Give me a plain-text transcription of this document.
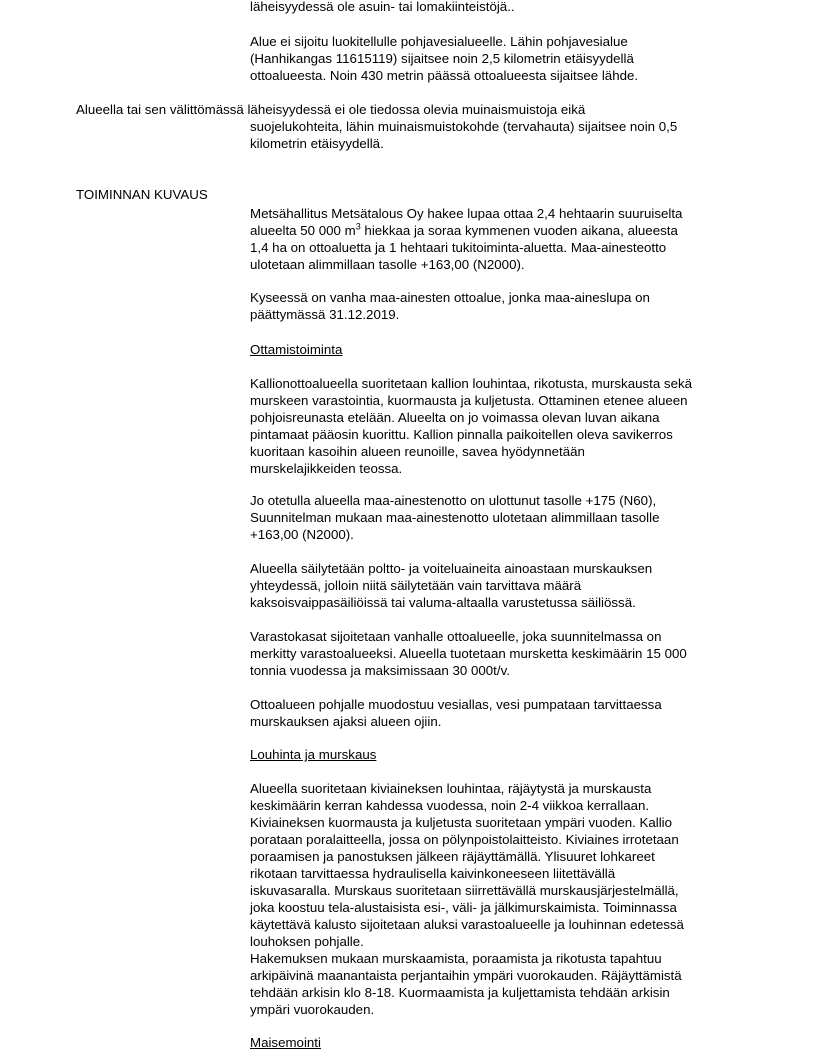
läheisyydessä ole asuin- tai lomakiinteistöjä..

Alue ei sijoitu luokitellulle pohjavesialueelle. Lähin pohjavesialue
(Hanhikangas 11615119) sijaitsee noin 2,5 kilometrin etäisyydellä
ottoalueesta. Noin 430 metrin päässä ottoalueesta sijaitsee lähde.

Alueella tai sen välittömässä läheisyydessä ei ole tiedossa olevia muinaismuistoja eikä
suojelukohteita, lähin muinaismuistokohde (tervahauta) sijaitsee noin 0,5
kilometrin etäisyydellä.

TOIMINNAN KUVAUS

Metsähallitus Metsätalous Oy hakee lupaa ottaa 2,4 hehtaarin suuruiselta
alueelta 50 000 $m^3$ hiekkaa ja soraa kymmenen vuoden aikana, alueesta
1,4 ha on ottoaluetta ja 1 hehtaari tukitoiminta-aluetta. Maa-ainesteotto
ulotetaan alimmillaan tasolle +163,00 (N2000).

Kyseessä on vanha maa-ainesten ottoalue, jonka maa-aineslupa on
päättymässä 31.12.2019.

Ottamistoiminta

Kallionottoalueella suoritetaan kallion louhintaa, rikotusta, murskausta sekä
murskeen varastointia, kuormausta ja kuljetusta. Ottaminen etenee alueen
pohjoisreunasta etelään. Alueelta on jo voimassa olevan luvan aikana
pintamaat pääosin kuorittu. Kallion pinnalla paikoitellen oleva savikerros
kuoritaan kasoihin alueen reunoille, savea hyödynnetään
murskelajikkeiden teossa.

Jo otetulla alueella maa-ainestenotto on ulottunut tasolle +175 (N60),
Suunnitelman mukaan maa-ainestenotto ulotetaan alimmillaan tasolle
+163,00 (N2000).

Alueella säilytetään poltto- ja voiteluaineita ainoastaan murskauksen
yhteydessä, jolloin niitä säilytetään vain tarvittava määrä
kaksoisvaippasäiliöissä tai valuma-altaalla varustetussa säiliössä.

Varastokasat sijoitetaan vanhalle ottoalueelle, joka suunnitelmassa on
merkitty varastoalueeksi. Alueella tuotetaan mursketta keskimäärin 15 000
tonnia vuodessa ja maksimissaan 30 000t/v.

Ottoalueen pohjalle muodostuu vesiallas, vesi pumpataan tarvittaessa
murskauksen ajaksi alueen ojiin.

Louhinta ja murskaus

Alueella suoritetaan kiviaineksen louhintaa, räjäytystä ja murskausta
keskimäärin kerran kahdessa vuodessa, noin 2-4 viikkoa kerrallaan.
Kiviaineksen kuormausta ja kuljetusta suoritetaan ympäri vuoden. Kallio
porataan poralaitteella, jossa on pölynpoistolaitteisto. Kiviaines irrotetaan
poraamisen ja panostuksen jälkeen räjäyttämällä. Ylisuuret lohkareet
rikotaan tarvittaessa hydraulisella kaivinkoneeseen liitettävällä
iskuvasaralla. Murskaus suoritetaan siirrettävällä murskausjärjestelmällä,
joka koostuu tela-alustaisista esi-, väli- ja jälkimurskaimista. Toiminnassa
käytettävä kalusto sijoitetaan aluksi varastoalueelle ja louhinnan edetessä
louhoksen pohjalle.
Hakemuksen mukaan murskaamista, poraamista ja rikotusta tapahtuu
arkipäivinä maanantaista perjantaihin ympäri vuorokauden. Räjäyttämistä
tehdään arkisin klo 8-18. Kuormaamista ja kuljettamista tehdään arkisin
ympäri vuorokauden.

Maisemointi
